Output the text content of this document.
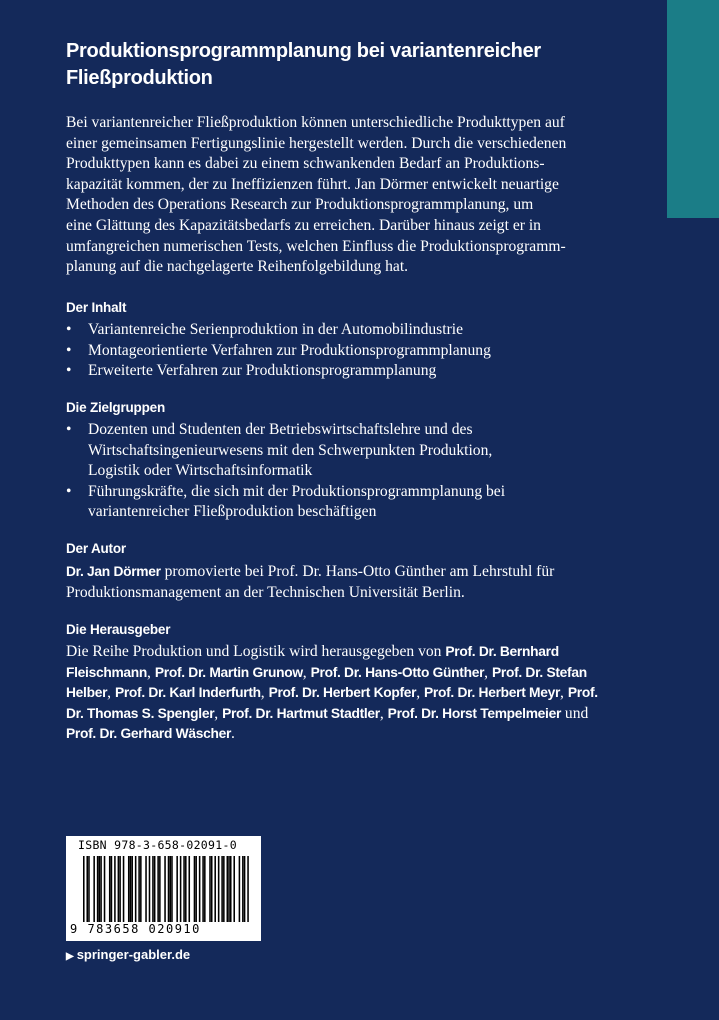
Produktionsprogrammplanung bei variantenreicher
Fließproduktion
Bei variantenreicher Fließproduktion können unterschiedliche Produkttypen auf
einer gemeinsamen Fertigungslinie hergestellt werden. Durch die verschiedenen
Produkttypen kann es dabei zu einem schwankenden Bedarf an Produktions-
kapazität kommen, der zu Ineffizienzen führt. Jan Dörmer entwickelt neuartige
Methoden des Operations Research zur Produktionsprogrammplanung, um
eine Glättung des Kapazitätsbedarfs zu erreichen. Darüber hinaus zeigt er in
umfangreichen numerischen Tests, welchen Einfluss die Produktionsprogramm-
planung auf die nachgelagerte Reihenfolgebildung hat.
Der Inhalt
• Variantenreiche Serienproduktion in der Automobilindustrie
• Montageorientierte Verfahren zur Produktionsprogrammplanung
• Erweiterte Verfahren zur Produktionsprogrammplanung
Die Zielgruppen
• Dozenten und Studenten der Betriebswirtschaftslehre und des
Wirtschaftsingenieurwesens mit den Schwerpunkten Produktion,
Logistik oder Wirtschaftsinformatik
• Führungskräfte, die sich mit der Produktionsprogrammplanung bei
variantenreicher Fließproduktion beschäftigen
Der Autor
Dr. Jan Dörmer promovierte bei Prof. Dr. Hans-Otto Günther am Lehrstuhl für
Produktionsmanagement an der Technischen Universität Berlin.
Die Herausgeber
Die Reihe Produktion und Logistik wird herausgegeben von Prof. Dr. Bernhard
Fleischmann, Prof. Dr. Martin Grunow, Prof. Dr. Hans-Otto Günther, Prof. Dr. Stefan
Helber, Prof. Dr. Karl Inderfurth, Prof. Dr. Herbert Kopfer, Prof. Dr. Herbert Meyr, Prof.
Dr. Thomas S. Spengler, Prof. Dr. Hartmut Stadtler, Prof. Dr. Horst Tempelmeier und
Prof. Dr. Gerhard Wäscher.
ISBN 978-3-658-02091-0
9 783658 020910
▶ springer-gabler.de
